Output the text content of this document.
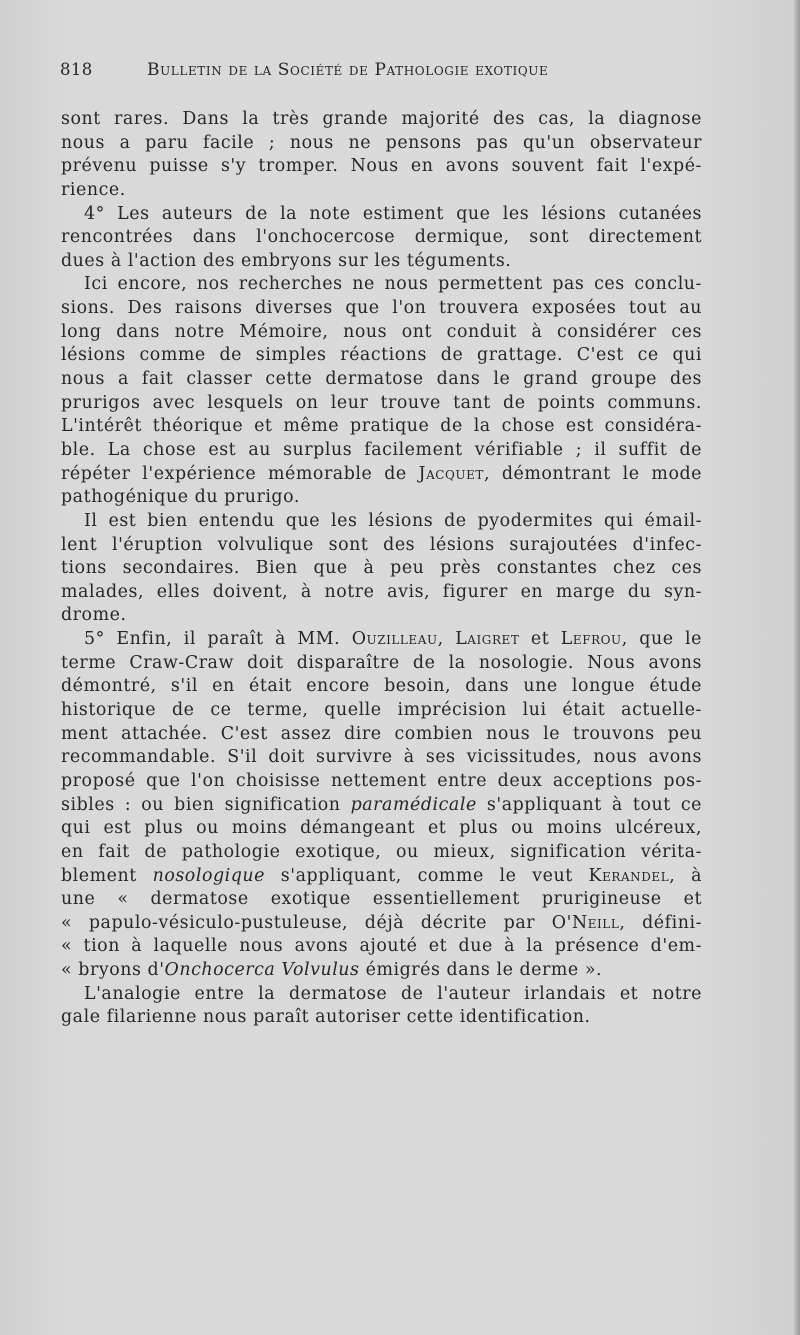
818	Bulletin de la Société de Pathologie exotique
sont rares. Dans la très grande majorité des cas, la diagnose
nous a paru facile ; nous ne pensons pas qu'un observateur
prévenu puisse s'y tromper. Nous en avons souvent fait l'expé-
rience.
4° Les auteurs de la note estiment que les lésions cutanées
rencontrées dans l'onchocercose dermique, sont directement
dues à l'action des embryons sur les téguments.
Ici encore, nos recherches ne nous permettent pas ces conclu-
sions. Des raisons diverses que l'on trouvera exposées tout au
long dans notre Mémoire, nous ont conduit à considérer ces
lésions comme de simples réactions de grattage. C'est ce qui
nous a fait classer cette dermatose dans le grand groupe des
prurigos avec lesquels on leur trouve tant de points communs.
L'intérêt théorique et même pratique de la chose est considéra-
ble. La chose est au surplus facilement vérifiable ; il suffit de
répéter l'expérience mémorable de Jacquet, démontrant le mode
pathogénique du prurigo.
Il est bien entendu que les lésions de pyodermites qui émail-
lent l'éruption volvulique sont des lésions surajoutées d'infec-
tions secondaires. Bien que à peu près constantes chez ces
malades, elles doivent, à notre avis, figurer en marge du syn-
drome.
5° Enfin, il paraît à MM. Ouzilleau, Laigret et Lefrou, que le
terme Craw-Craw doit disparaître de la nosologie. Nous avons
démontré, s'il en était encore besoin, dans une longue étude
historique de ce terme, quelle imprécision lui était actuelle-
ment attachée. C'est assez dire combien nous le trouvons peu
recommandable. S'il doit survivre à ses vicissitudes, nous avons
proposé que l'on choisisse nettement entre deux acceptions pos-
sibles : ou bien signification paramédicale s'appliquant à tout ce
qui est plus ou moins démangeant et plus ou moins ulcéreux,
en fait de pathologie exotique, ou mieux, signification vérita-
blement nosologique s'appliquant, comme le veut Kerandel, à
une « dermatose exotique essentiellement prurigineuse et
« papulo-vésiculo-pustuleuse, déjà décrite par O'Neill, défini-
« tion à laquelle nous avons ajouté et due à la présence d'em-
« bryons d'Onchocerca Volvulus émigrés dans le derme ».
L'analogie entre la dermatose de l'auteur irlandais et notre
gale filarienne nous paraît autoriser cette identification.
